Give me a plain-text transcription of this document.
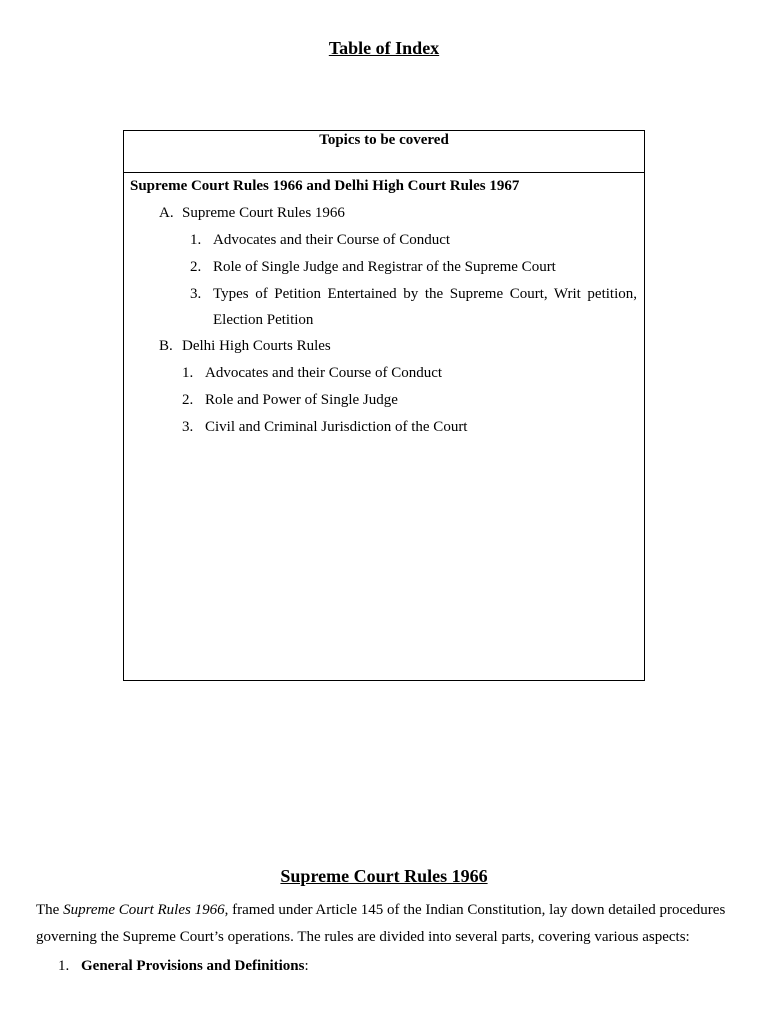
Table of Index
Topics to be covered

Supreme Court Rules 1966 and Delhi High Court Rules 1967

A. Supreme Court Rules 1966
1. Advocates and their Course of Conduct
2. Role of Single Judge and Registrar of the Supreme Court
3. Types of Petition Entertained by the Supreme Court, Writ petition, Election Petition
B. Delhi High Courts Rules
1. Advocates and their Course of Conduct
2. Role and Power of Single Judge
3. Civil and Criminal Jurisdiction of the Court
Supreme Court Rules 1966

The Supreme Court Rules 1966, framed under Article 145 of the Indian Constitution, lay down detailed procedures governing the Supreme Court’s operations. The rules are divided into several parts, covering various aspects:

1. General Provisions and Definitions:
